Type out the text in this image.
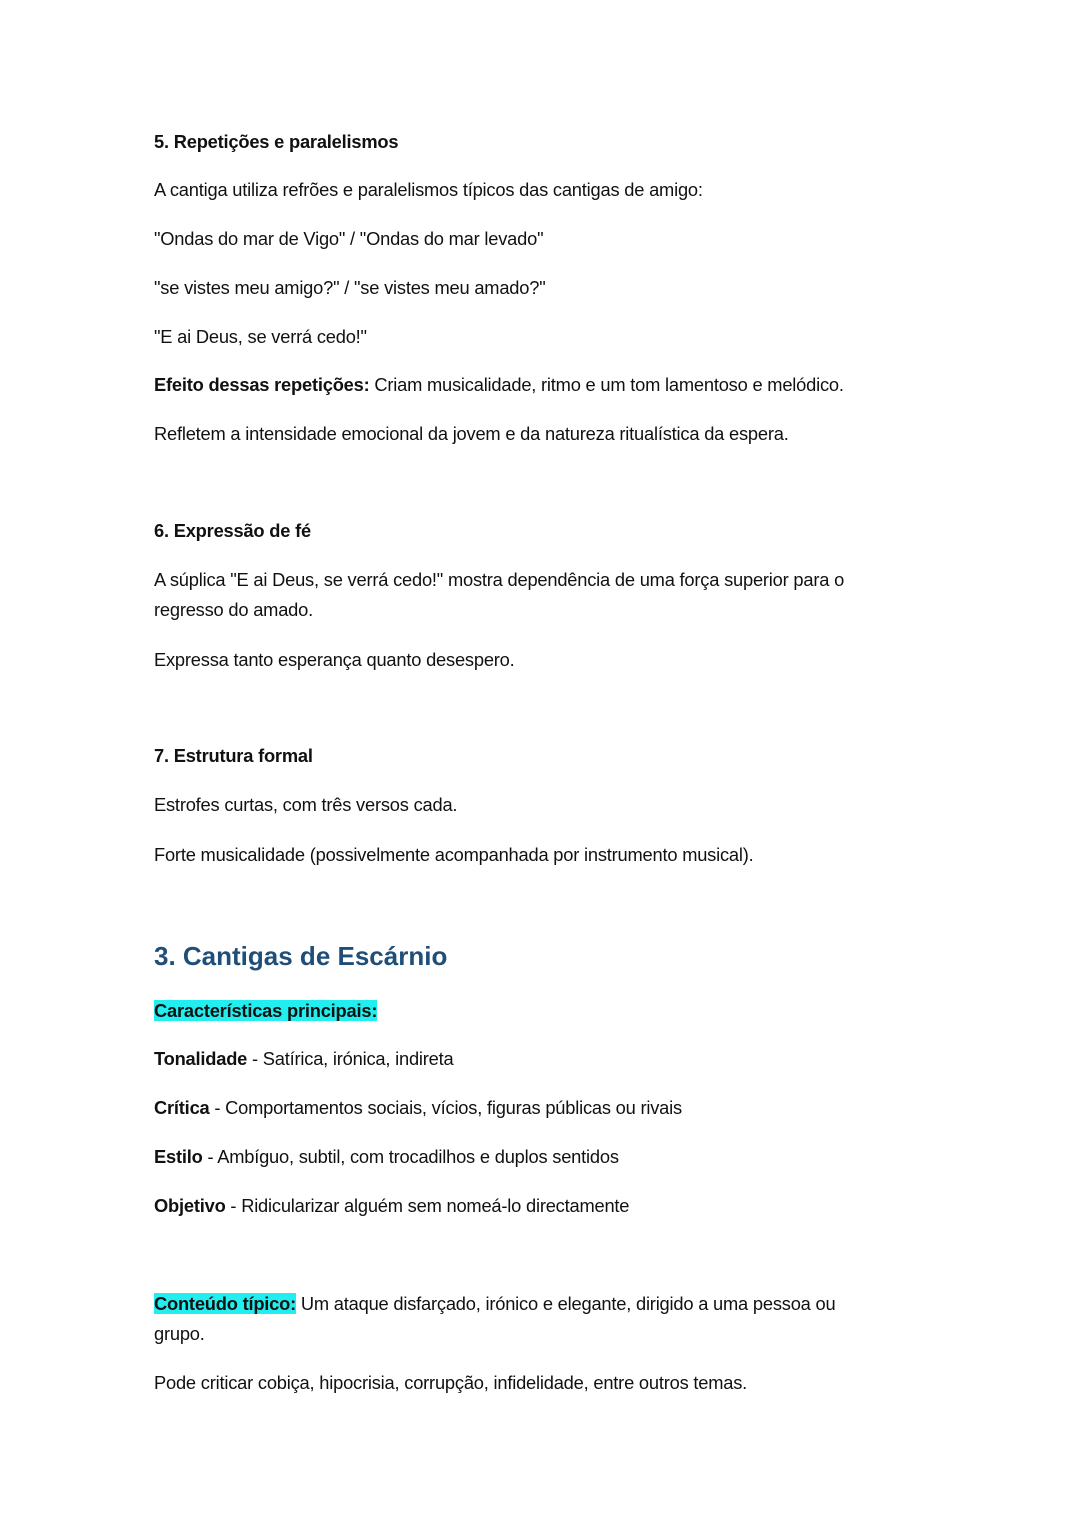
5. Repetições e paralelismos
A cantiga utiliza refrões e paralelismos típicos das cantigas de amigo:
"Ondas do mar de Vigo" / "Ondas do mar levado"
"se vistes meu amigo?" / "se vistes meu amado?"
"E ai Deus, se verrá cedo!"
Efeito dessas repetições: Criam musicalidade, ritmo e um tom lamentoso e melódico.
Refletem a intensidade emocional da jovem e da natureza ritualística da espera.
6. Expressão de fé
A súplica "E ai Deus, se verrá cedo!" mostra dependência de uma força superior para o
regresso do amado.
Expressa tanto esperança quanto desespero.
7. Estrutura formal
Estrofes curtas, com três versos cada.
Forte musicalidade (possivelmente acompanhada por instrumento musical).
3. Cantigas de Escárnio
Características principais:
Tonalidade - Satírica, irónica, indireta
Crítica - Comportamentos sociais, vícios, figuras públicas ou rivais
Estilo - Ambíguo, subtil, com trocadilhos e duplos sentidos
Objetivo - Ridicularizar alguém sem nomeá-lo directamente
Conteúdo típico: Um ataque disfarçado, irónico e elegante, dirigido a uma pessoa ou
grupo.
Pode criticar cobiça, hipocrisia, corrupção, infidelidade, entre outros temas.
